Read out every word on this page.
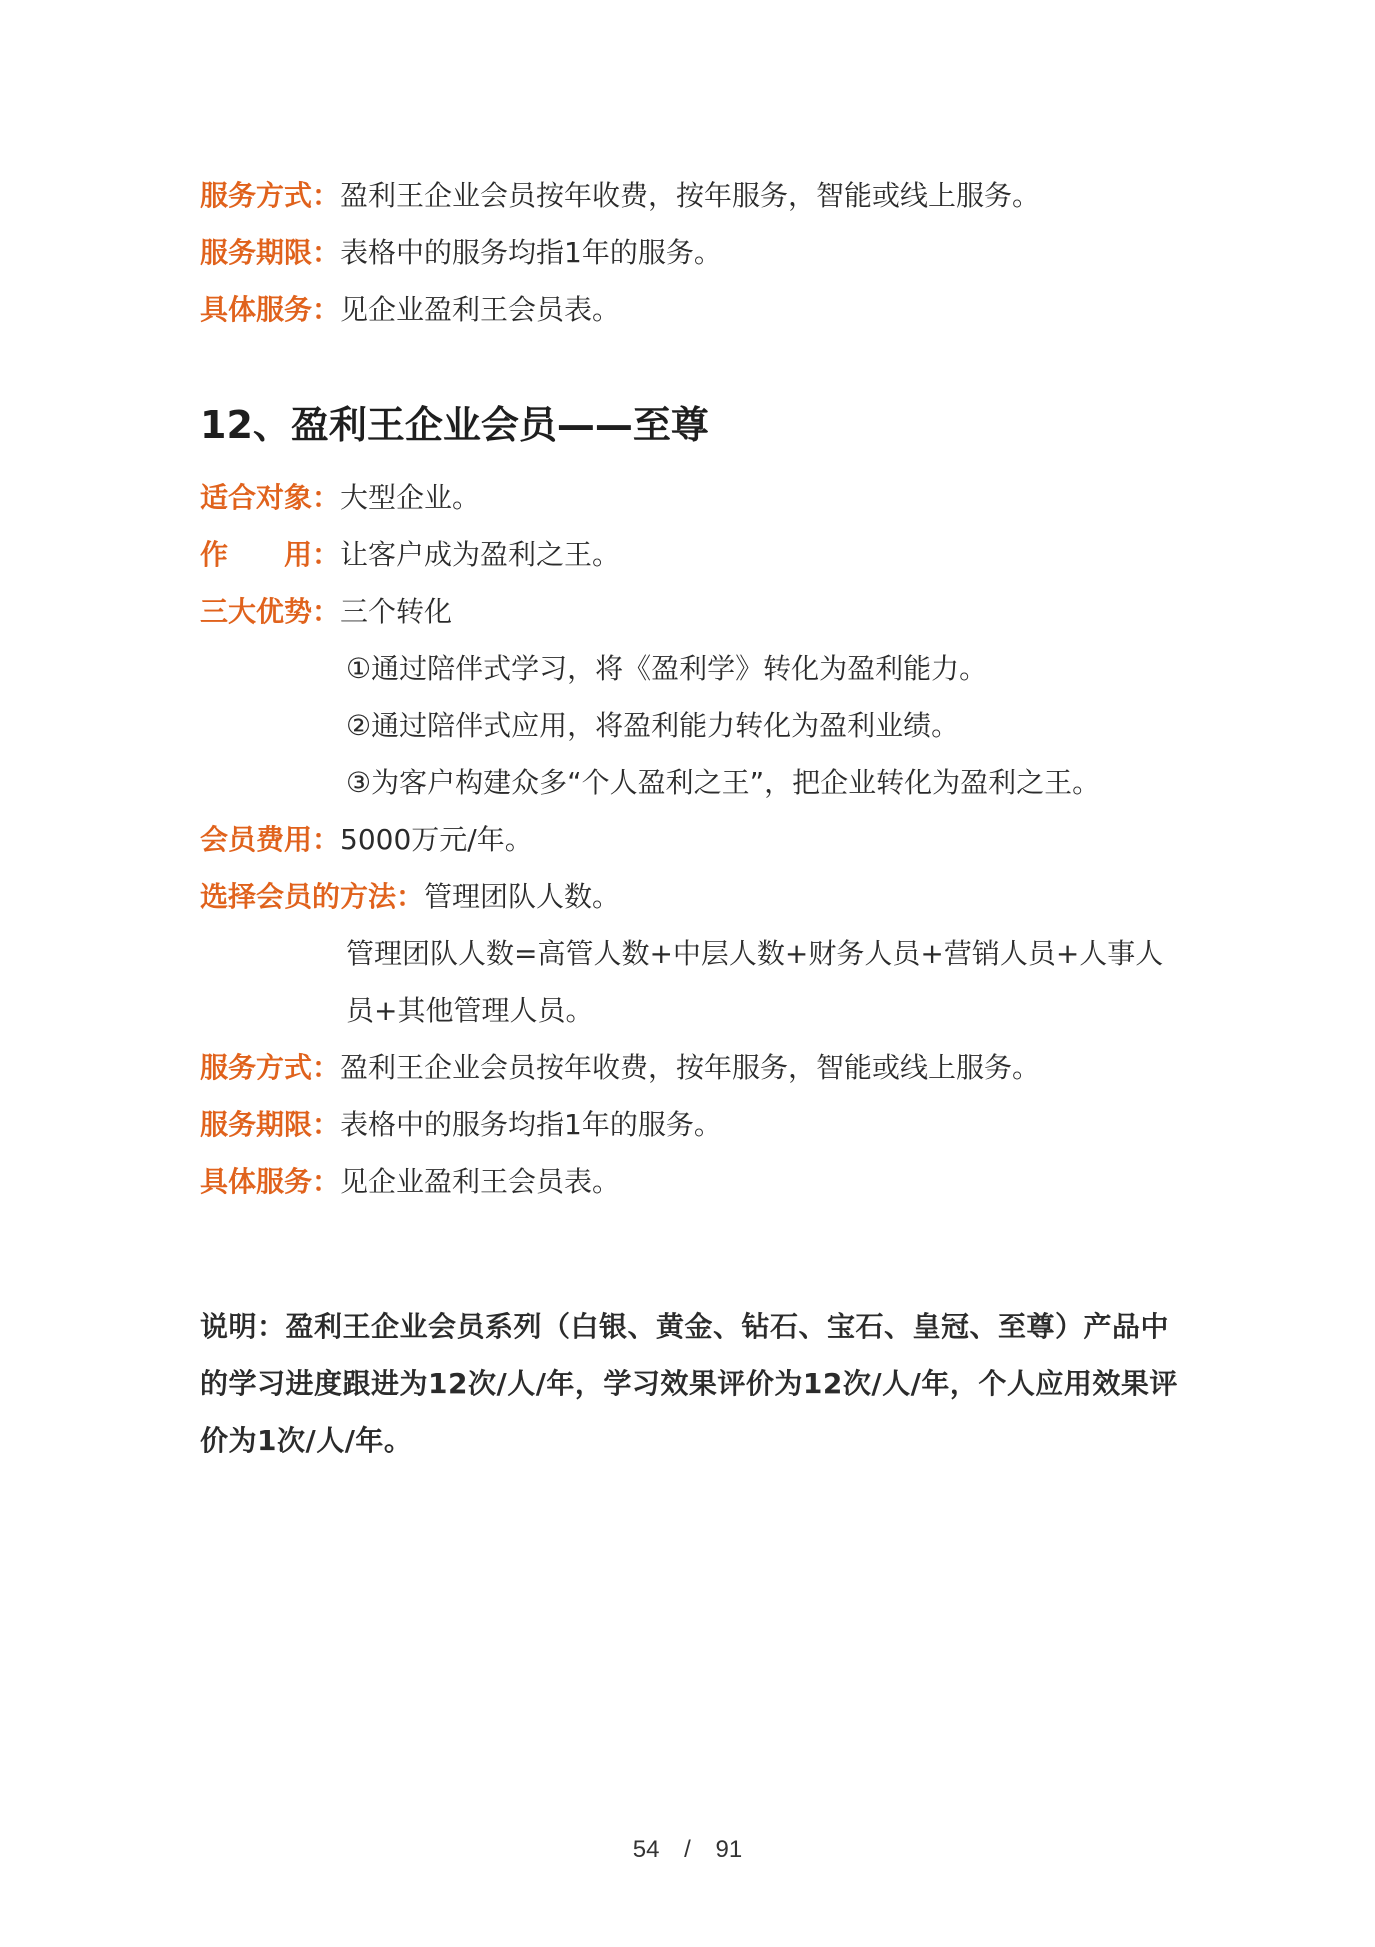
服务方式：盈利王企业会员按年收费，按年服务，智能或线上服务。
服务期限：表格中的服务均指1年的服务。
具体服务：见企业盈利王会员表。
12、盈利王企业会员——至尊
适合对象：大型企业。
作　　用：让客户成为盈利之王。
三大优势：三个转化
①通过陪伴式学习，将《盈利学》转化为盈利能力。
②通过陪伴式应用，将盈利能力转化为盈利业绩。
③为客户构建众多“个人盈利之王”，把企业转化为盈利之王。
会员费用：5000万元/年。
选择会员的方法：管理团队人数。
管理团队人数=高管人数+中层人数+财务人员+营销人员+人事人
员+其他管理人员。
服务方式：盈利王企业会员按年收费，按年服务，智能或线上服务。
服务期限：表格中的服务均指1年的服务。
具体服务：见企业盈利王会员表。
说明：盈利王企业会员系列（白银、黄金、钻石、宝石、皇冠、至尊）产品中的学习进度跟进为12次/人/年，学习效果评价为12次/人/年，个人应用效果评价为1次/人/年。
54 / 91
